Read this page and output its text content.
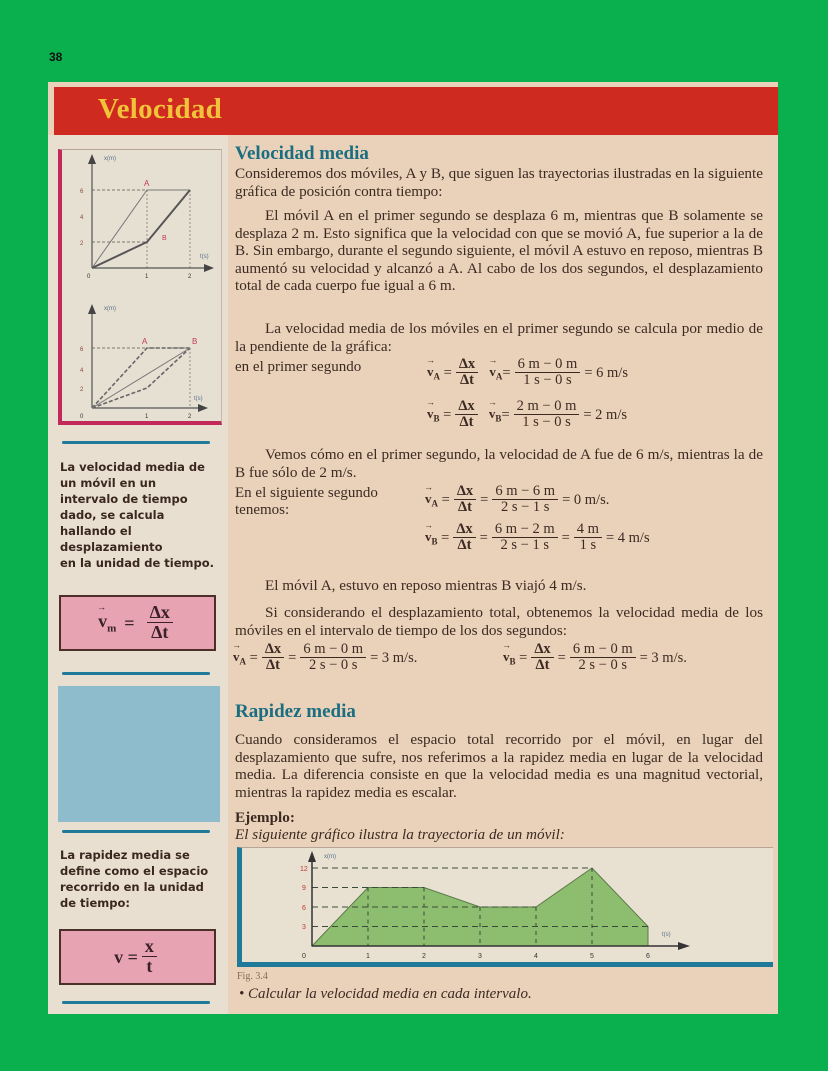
38
Velocidad
x(m)
t(s)
6
4
2
0	1	2
A
B
x(m)
t(s)
6
4
2
0	1	2
A	B
La velocidad media de
un móvil en un
intervalo de tiempo
dado, se calcula
hallando el
desplazamiento
en la unidad de tiempo.
→ $v_m = \frac{\Delta x}{\Delta t}$
La rapidez media se
define como el espacio
recorrido en la unidad
de tiempo:
$v = \frac{x}{t}$
Velocidad media
Consideremos dos móviles, A y B, que siguen las trayectorias ilustradas en la siguiente gráfica de posición contra tiempo:
El móvil A en el primer segundo se desplaza 6 m, mientras que B solamente se desplaza 2 m. Esto significa que la velocidad con que se movió A, fue superior a la de B. Sin embargo, durante el segundo siguiente, el móvil A estuvo en reposo, mientras B aumentó su velocidad y alcanzó a A. Al cabo de los dos segundos, el desplazamiento total de cada cuerpo fue igual a 6 m.
La velocidad media de los móviles en el primer segundo se calcula por medio de la pendiente de la gráfica:
en el primer segundo	→ $v_A = \frac{\Delta x}{\Delta t}$
→ $v_A = \frac{6 m - 0 m}{1 s - 0 s} = 6$ m/s
→ $v_B = \frac{\Delta x}{\Delta t}$
→ $v_B = \frac{2 m - 0 m}{1 s - 0 s} = 2$ m/s
Vemos cómo en el primer segundo, la velocidad de A fue de 6 m/s, mientras la de B fue sólo de 2 m/s.
En el siguiente segundo
tenemos:
→ $v_A = \frac{\Delta x}{\Delta t} = \frac{6 m - 6 m}{2 s - 1 s} = 0$ m/s.
→ $v_B = \frac{\Delta x}{\Delta t} = \frac{6 m - 2 m}{2 s - 1 s} = \frac{4 m}{1 s} = 4$ m/s
El móvil A, estuvo en reposo mientras B viajó 4 m/s.
Si considerando el desplazamiento total, obtenemos la velocidad media de los móviles en el intervalo de tiempo de los dos segundos:
→ $v_A = \frac{\Delta x}{\Delta t} = \frac{6 m - 0 m}{2 s - 0 s} = 3$ m/s.	→ $v_B = \frac{\Delta x}{\Delta t} = \frac{6 m - 0 m}{2 s - 0 s} = 3$ m/s.
Rapidez media
Cuando consideramos el espacio total recorrido por el móvil, en lugar del desplazamiento que sufre, nos referimos a la rapidez media en lugar de la velocidad media. La diferencia consiste en que la velocidad media es una magnitud vectorial, mientras la rapidez media es escalar.
Ejemplo:
El siguiente gráfico ilustra la trayectoria de un móvil:
12
9
6
3
0	1	2	3	4	5	6
x(m)
t(s)
Fig. 3.4
• Calcular la velocidad media en cada intervalo.
